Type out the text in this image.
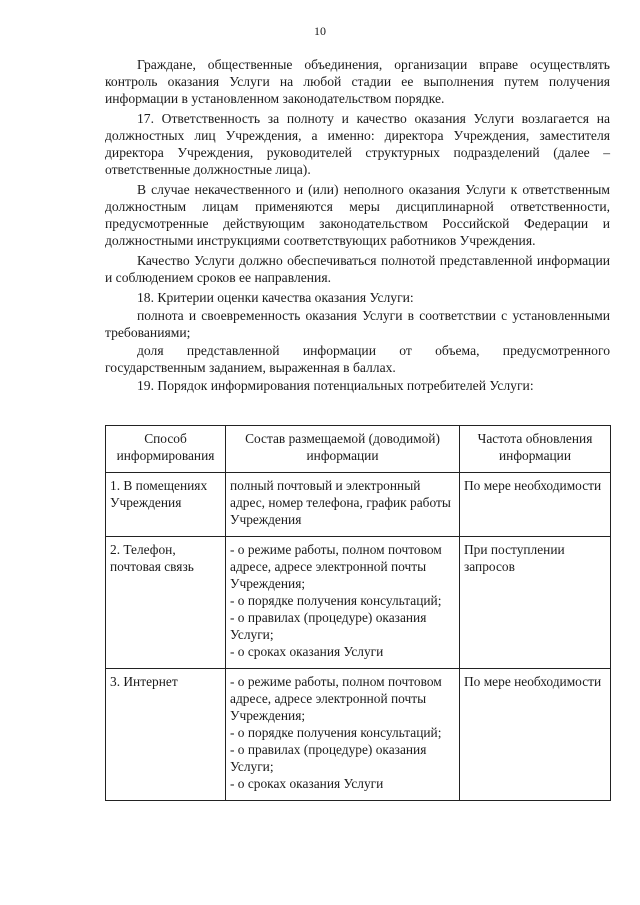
10

Граждане, общественные объединения, организации вправе осуществлять контроль оказания Услуги на любой стадии ее выполнения путем получения информации в установленном законодательством порядке.

17. Ответственность за полноту и качество оказания Услуги возлагается на должностных лиц Учреждения, а именно: директора Учреждения, заместителя директора Учреждения, руководителей структурных подразделений (далее – ответственные должностные лица).

В случае некачественного и (или) неполного оказания Услуги к ответственным должностным лицам применяются меры дисциплинарной ответственности, предусмотренные действующим законодательством Российской Федерации и должностными инструкциями соответствующих работников Учреждения.

Качество Услуги должно обеспечиваться полнотой представленной информации и соблюдением сроков ее направления.

18. Критерии оценки качества оказания Услуги:

полнота и своевременность оказания Услуги в соответствии с установленными требованиями;

доля представленной информации от объема, предусмотренного государственным заданием, выраженная в баллах.

19. Порядок информирования потенциальных потребителей Услуги:

Способ информирования	Состав размещаемой (доводимой) информации	Частота обновления информации
1. В помещениях Учреждения	полный почтовый и электронный адрес, номер телефона, график работы Учреждения	По мере необходимости
2. Телефон, почтовая связь	- о режиме работы, полном почтовом адресе, адресе электронной почты Учреждения;
- о порядке получения консультаций;
- о правилах (процедуре) оказания Услуги;
- о сроках оказания Услуги	При поступлении запросов
3. Интернет	- о режиме работы, полном почтовом адресе, адресе электронной почты Учреждения;
- о порядке получения консультаций;
- о правилах (процедуре) оказания Услуги;
- о сроках оказания Услуги	По мере необходимости
